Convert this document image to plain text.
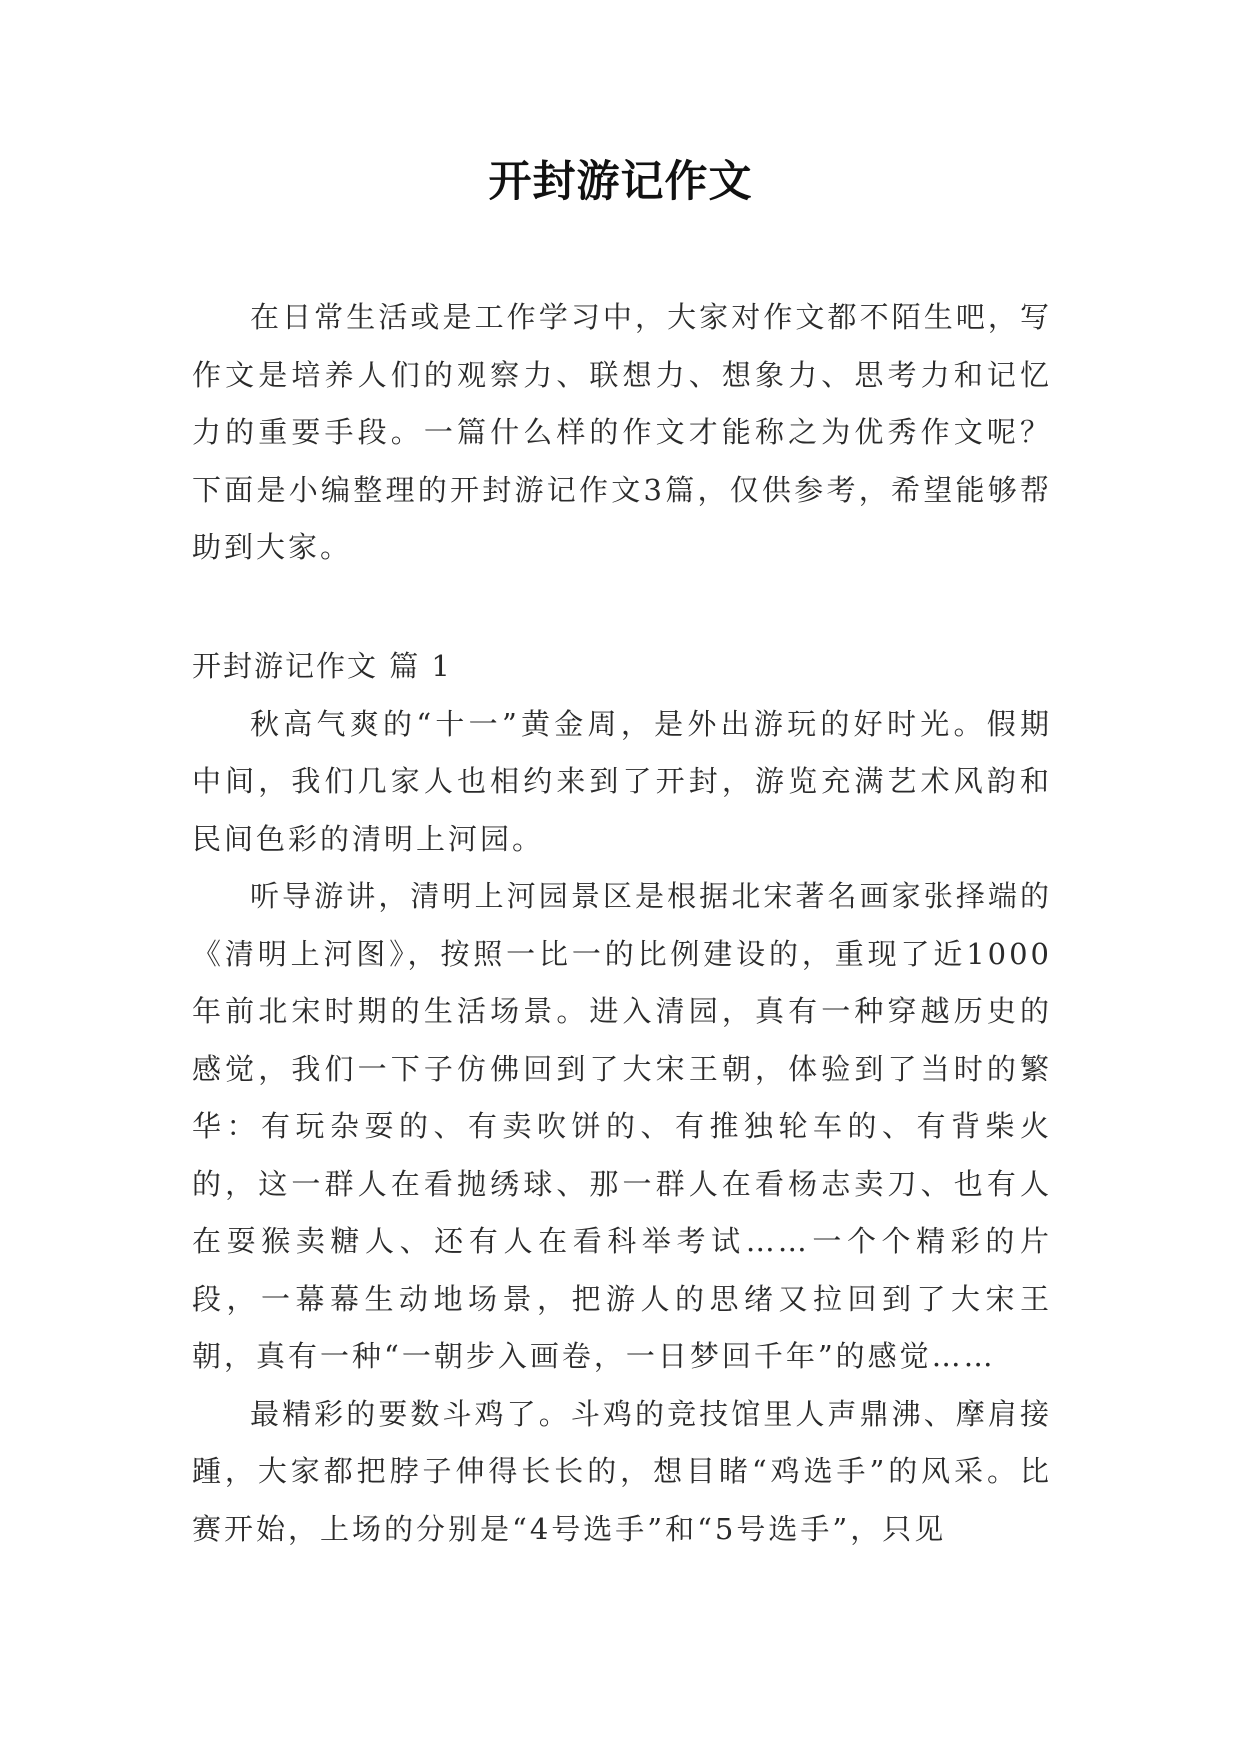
开封游记作文

在日常生活或是工作学习中，大家对作文都不陌生吧，写作文是培养人们的观察力、联想力、想象力、思考力和记忆力的重要手段。一篇什么样的作文才能称之为优秀作文呢？下面是小编整理的开封游记作文3篇，仅供参考，希望能够帮助到大家。

开封游记作文 篇 1

秋高气爽的“十一”黄金周，是外出游玩的好时光。假期中间，我们几家人也相约来到了开封，游览充满艺术风韵和民间色彩的清明上河园。

听导游讲，清明上河园景区是根据北宋著名画家张择端的《清明上河图》，按照一比一的比例建设的，重现了近1000年前北宋时期的生活场景。进入清园，真有一种穿越历史的感觉，我们一下子仿佛回到了大宋王朝，体验到了当时的繁华：有玩杂耍的、有卖吹饼的、有推独轮车的、有背柴火的，这一群人在看抛绣球、那一群人在看杨志卖刀、也有人在耍猴卖糖人、还有人在看科举考试……一个个精彩的片段，一幕幕生动地场景，把游人的思绪又拉回到了大宋王朝，真有一种“一朝步入画卷，一日梦回千年”的感觉……

最精彩的要数斗鸡了。斗鸡的竞技馆里人声鼎沸、摩肩接踵，大家都把脖子伸得长长的，想目睹“鸡选手”的风采。比赛开始，上场的分别是“4号选手”和“5号选手”，只见
